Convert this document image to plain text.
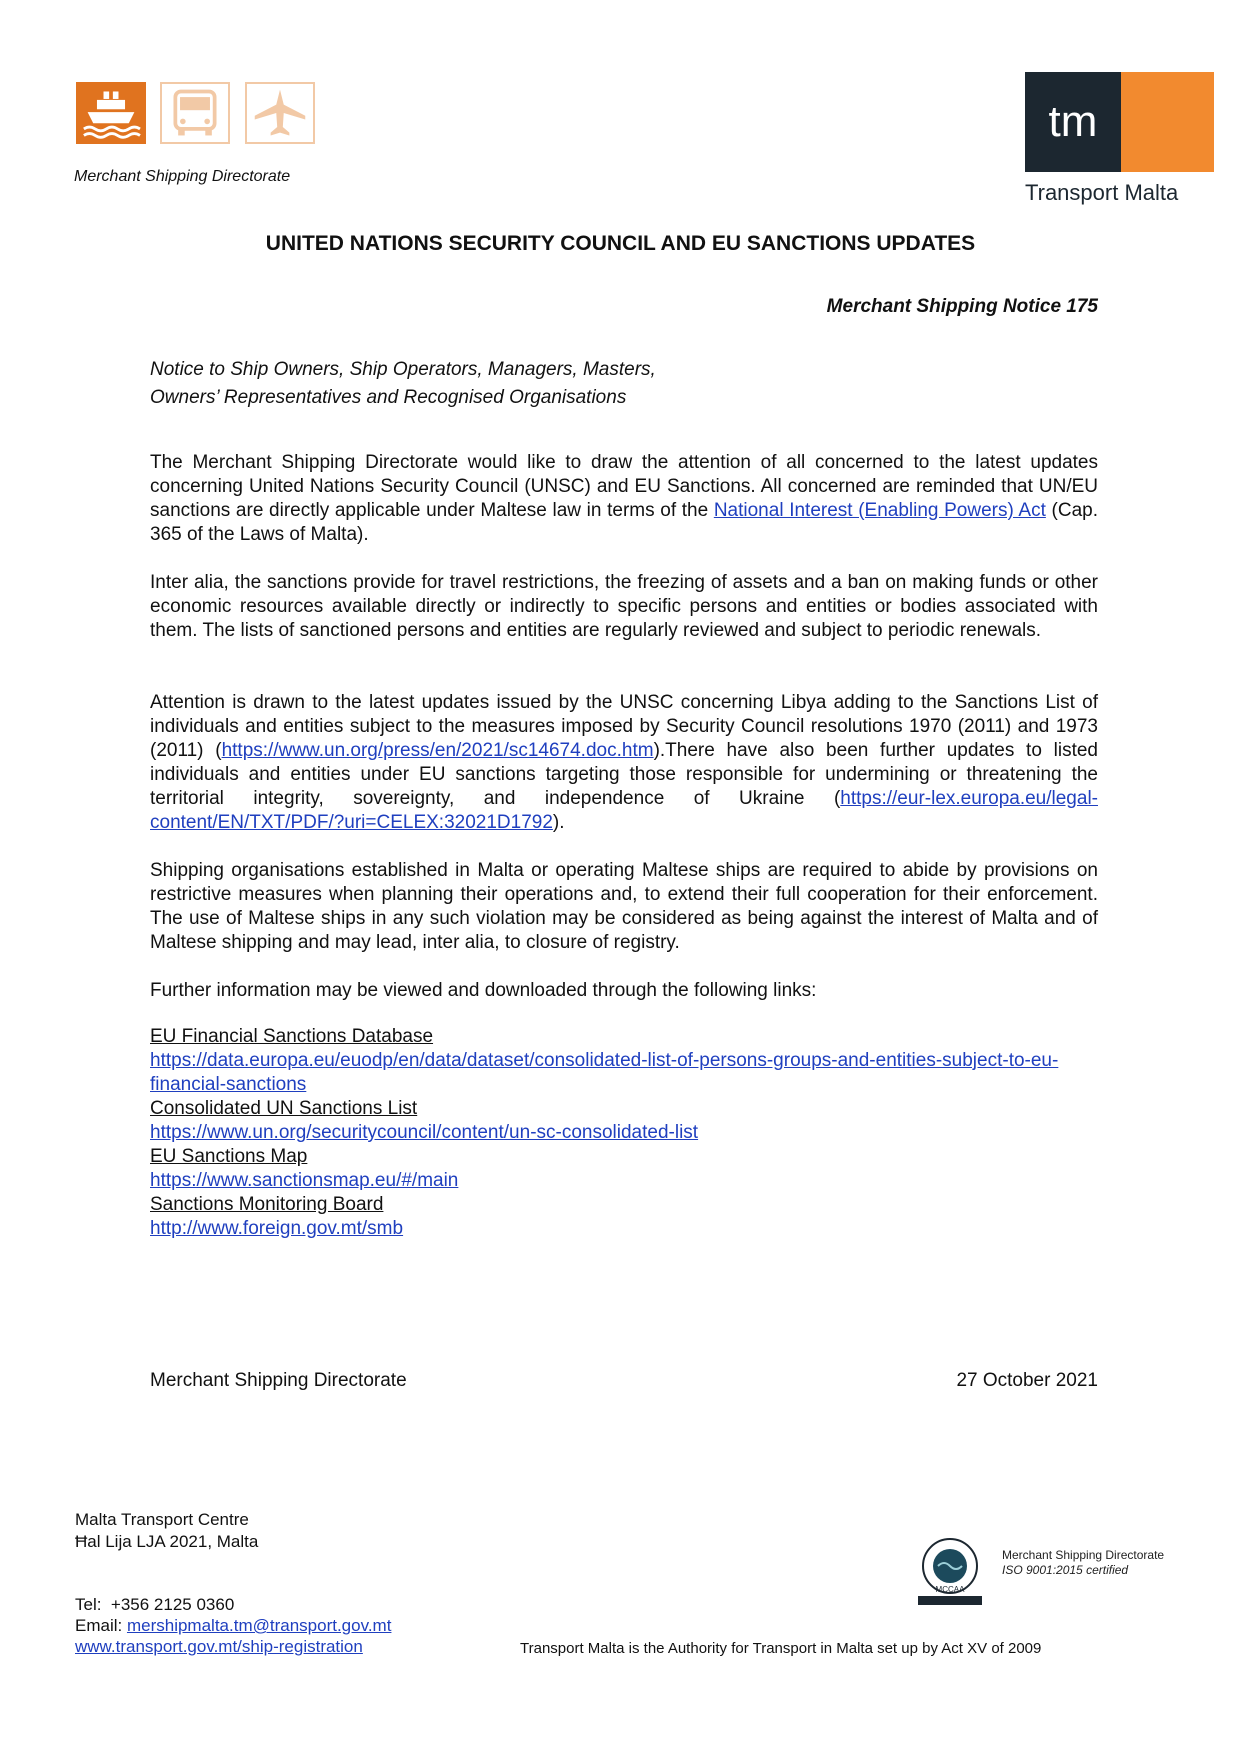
Merchant Shipping Directorate
tm
Transport Malta
UNITED NATIONS SECURITY COUNCIL AND EU SANCTIONS UPDATES
Merchant Shipping Notice 175
Notice to Ship Owners, Ship Operators, Managers, Masters,
Owners’ Representatives and Recognised Organisations
The Merchant Shipping Directorate would like to draw the attention of all concerned to the latest updates concerning United Nations Security Council (UNSC) and EU Sanctions. All concerned are reminded that UN/EU sanctions are directly applicable under Maltese law in terms of the National Interest (Enabling Powers) Act (Cap. 365 of the Laws of Malta).
Inter alia, the sanctions provide for travel restrictions, the freezing of assets and a ban on making funds or other economic resources available directly or indirectly to specific persons and entities or bodies associated with them. The lists of sanctioned persons and entities are regularly reviewed and subject to periodic renewals.
Attention is drawn to the latest updates issued by the UNSC concerning Libya adding to the Sanctions List of individuals and entities subject to the measures imposed by Security Council resolutions 1970 (2011) and 1973 (2011) (https://www.un.org/press/en/2021/sc14674.doc.htm).There have also been further updates to listed individuals and entities under EU sanctions targeting those responsible for undermining or threatening the territorial integrity, sovereignty, and independence of Ukraine (https://eur-lex.europa.eu/legal-content/EN/TXT/PDF/?uri=CELEX:32021D1792).
Shipping organisations established in Malta or operating Maltese ships are required to abide by provisions on restrictive measures when planning their operations and, to extend their full cooperation for their enforcement. The use of Maltese ships in any such violation may be considered as being against the interest of Malta and of Maltese shipping and may lead, inter alia, to closure of registry.
Further information may be viewed and downloaded through the following links:
EU Financial Sanctions Database
https://data.europa.eu/euodp/en/data/dataset/consolidated-list-of-persons-groups-and-entities-subject-to-eu-financial-sanctions
Consolidated UN Sanctions List
https://www.un.org/securitycouncil/content/un-sc-consolidated-list
EU Sanctions Map
https://www.sanctionsmap.eu/#/main
Sanctions Monitoring Board
http://www.foreign.gov.mt/smb
Merchant Shipping Directorate	27 October 2021
Malta Transport Centre
Ħal Lija LJA 2021, Malta
Tel: +356 2125 0360
Email: mershipmalta.tm@transport.gov.mt
www.transport.gov.mt/ship-registration	Transport Malta is the Authority for Transport in Malta set up by Act XV of 2009
MCCAA
Merchant Shipping Directorate
ISO 9001:2015 certified
